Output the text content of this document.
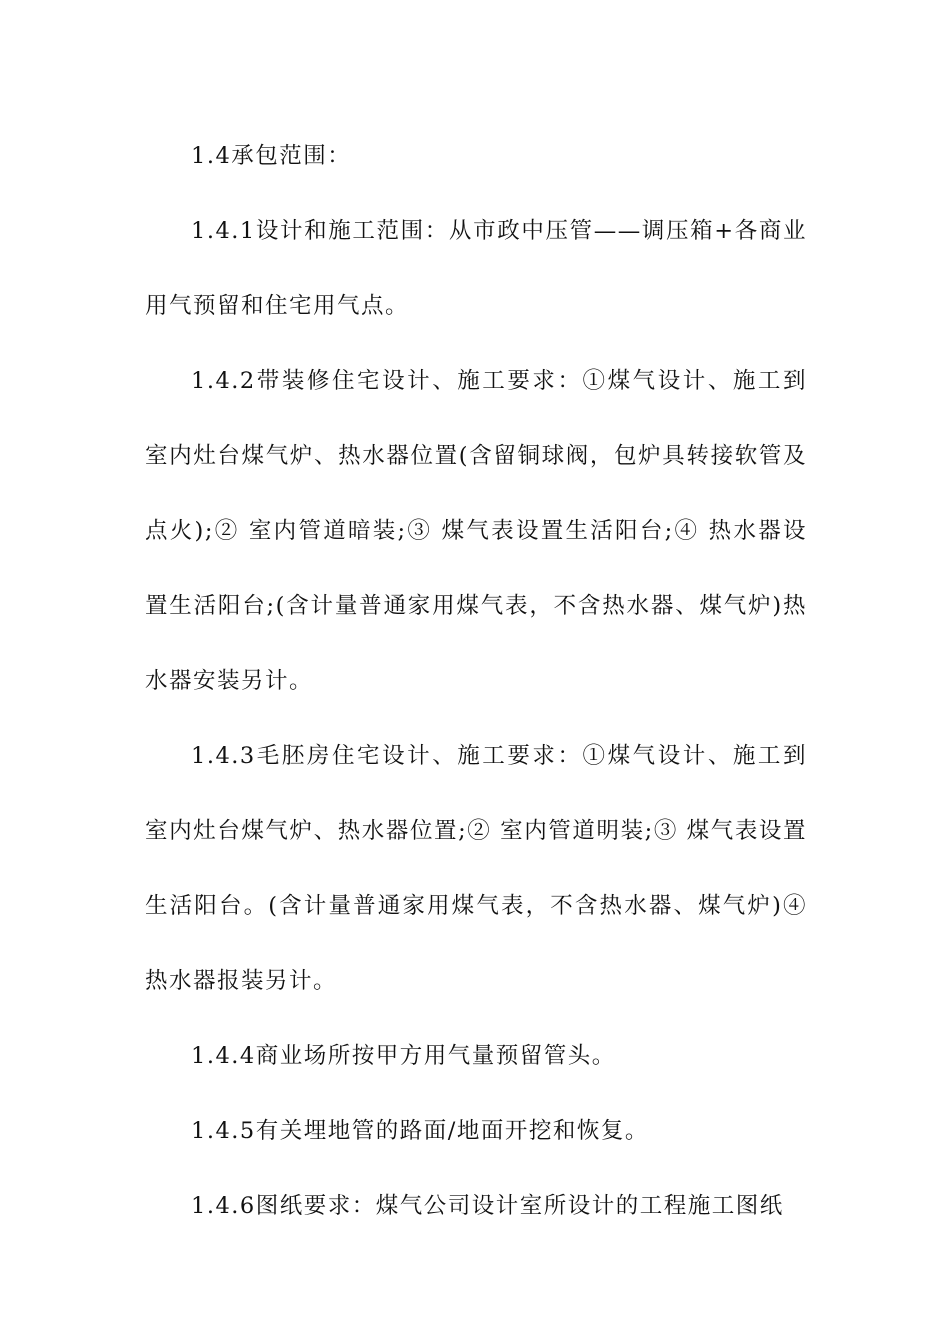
1.4承包范围：

1.4.1设计和施工范围：从市政中压管——调压箱+各商业用气预留和住宅用气点。

1.4.2带装修住宅设计、施工要求：①煤气设计、施工到室内灶台煤气炉、热水器位置(含留铜球阀，包炉具转接软管及点火);② 室内管道暗装;③ 煤气表设置生活阳台;④ 热水器设置生活阳台;(含计量普通家用煤气表，不含热水器、煤气炉)热水器安装另计。

1.4.3毛胚房住宅设计、施工要求：①煤气设计、施工到室内灶台煤气炉、热水器位置;② 室内管道明装;③ 煤气表设置生活阳台。(含计量普通家用煤气表，不含热水器、煤气炉)④热水器报装另计。

1.4.4商业场所按甲方用气量预留管头。

1.4.5有关埋地管的路面/地面开挖和恢复。

1.4.6图纸要求：煤气公司设计室所设计的工程施工图纸
